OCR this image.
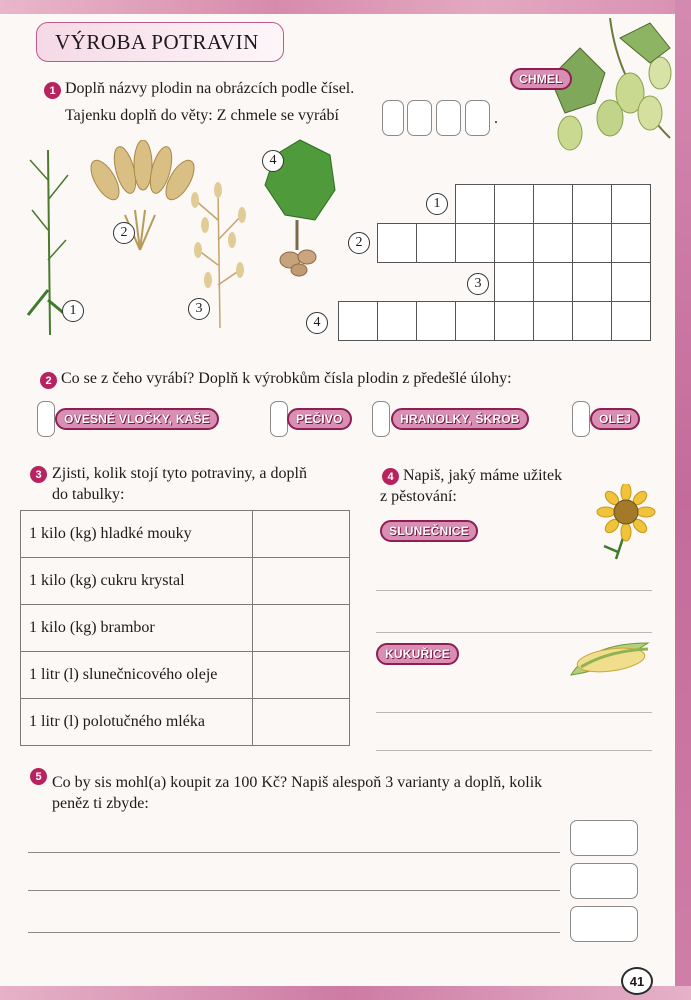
VÝROBA POTRAVIN
CHMEL
1 Doplň názvy plodin na obrázcích podle čísel.
Tajenku doplň do věty: Z chmele se vyrábí	.
1
2
3
4
1
2
3
4
2 Co se z čeho vyrábí? Doplň k výrobkům čísla plodin z předešlé úlohy:
OVESNÉ VLOČKY, KAŠE	PEČIVO	HRANOLKY, ŠKROB	OLEJ
3 Zjisti, kolik stojí tyto potraviny, a doplň
do tabulky:
1 kilo (kg) hladké mouky	
1 kilo (kg) cukru krystal	
1 kilo (kg) brambor	
1 litr (l) slunečnicového oleje	
1 litr (l) polotučného mléka	
4 Napiš, jaký máme užitek
z pěstování:
SLUNEČNICE
KUKUŘICE
5 Co by sis mohl(a) koupit za 100 Kč? Napiš alespoň 3 varianty a doplň, kolik
peněz ti zbyde:
41
